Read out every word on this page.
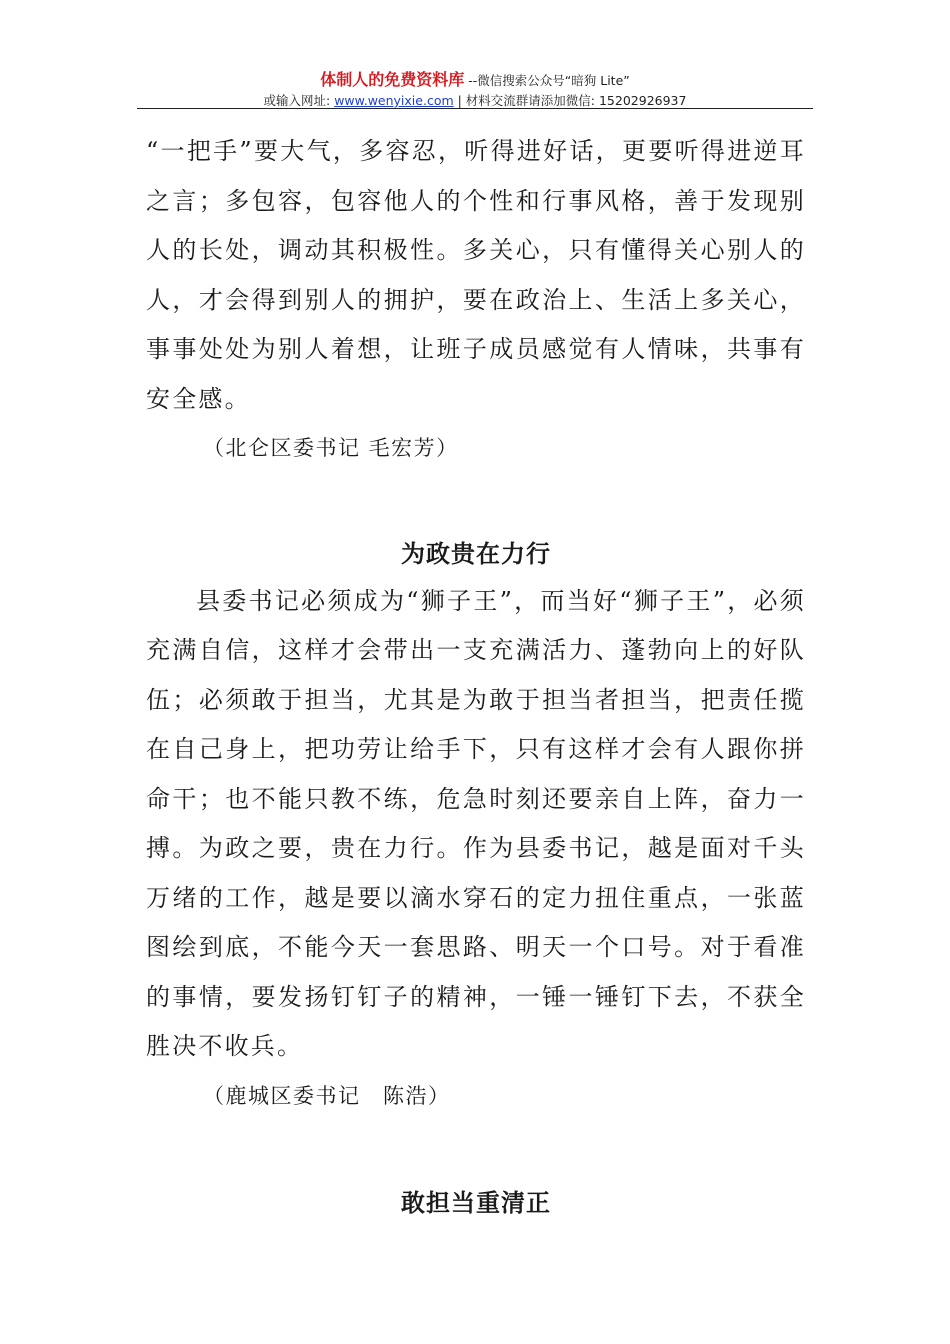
体制人的免费资料库 --微信搜索公众号“暗狗 Lite”
或输入网址: www.wenyixie.com | 材料交流群请添加微信: 15202926937

“一把手”要大气，多容忍，听得进好话，更要听得进逆耳之言；多包容，包容他人的个性和行事风格，善于发现别人的长处，调动其积极性。多关心，只有懂得关心别人的人，才会得到别人的拥护，要在政治上、生活上多关心，事事处处为别人着想，让班子成员感觉有人情味，共事有安全感。

（北仑区委书记 毛宏芳）

为政贵在力行

县委书记必须成为“狮子王”，而当好“狮子王”，必须充满自信，这样才会带出一支充满活力、蓬勃向上的好队伍；必须敢于担当，尤其是为敢于担当者担当，把责任揽在自己身上，把功劳让给手下，只有这样才会有人跟你拼命干；也不能只教不练，危急时刻还要亲自上阵，奋力一搏。为政之要，贵在力行。作为县委书记，越是面对千头万绪的工作，越是要以滴水穿石的定力扭住重点，一张蓝图绘到底，不能今天一套思路、明天一个口号。对于看准的事情，要发扬钉钉子的精神，一锤一锤钉下去，不获全胜决不收兵。

（鹿城区委书记　陈浩）

敢担当重清正
